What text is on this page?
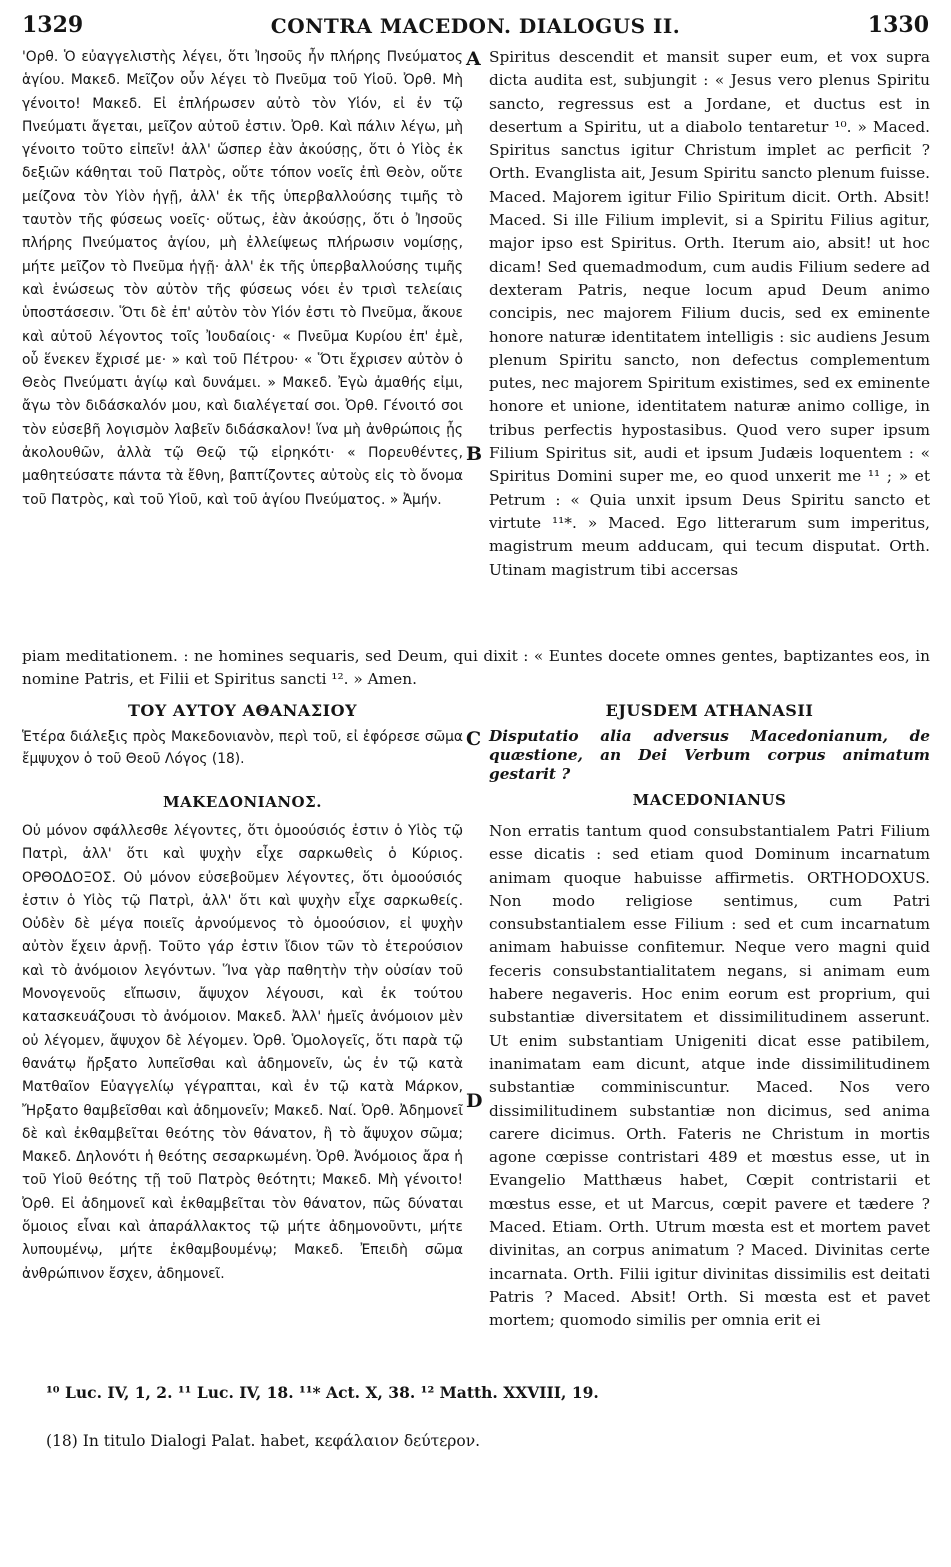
1329	CONTRA MACEDON. DIALOGUS II.	1330

'Ορθ. Ὁ εὐαγγελιστὴς λέγει, ὅτι Ἰησοῦς ἦν πλήρης Πνεύματος ἁγίου. Μακεδ. Μεῖζον οὖν λέγει τὸ Πνεῦμα τοῦ Υἱοῦ. Ὀρθ. Μὴ γένοιτο! Μακεδ. Εἰ ἐπλήρωσεν αὐτὸ τὸν Υἱόν, εἰ ἐν τῷ Πνεύματι ἄγεται, μεῖζον αὐτοῦ ἐστιν. Ὀρθ. Καὶ πάλιν λέγω, μὴ γένοιτο τοῦτο εἰπεῖν! ἀλλ' ὥσπερ ἐὰν ἀκούσῃς, ὅτι ὁ Υἱὸς ἐκ δεξιῶν κάθηται τοῦ Πατρὸς, οὔτε τόπον νοεῖς ἐπὶ Θεὸν, οὔτε μείζονα τὸν Υἱὸν ἡγῇ, ἀλλ' ἐκ τῆς ὑπερβαλλούσης τιμῆς τὸ ταυτὸν τῆς φύσεως νοεῖς· οὕτως, ἐὰν ἀκούσῃς, ὅτι ὁ Ἰησοῦς πλήρης Πνεύματος ἁγίου, μὴ ἐλλείψεως πλήρωσιν νομίσῃς, μήτε μεῖζον τὸ Πνεῦμα ἡγῇ· ἀλλ' ἐκ τῆς ὑπερβαλλούσης τιμῆς καὶ ἑνώσεως τὸν αὐτὸν τῆς φύσεως νόει ἐν τρισὶ τελείαις ὑποστάσεσιν. Ὅτι δὲ ἐπ' αὐτὸν τὸν Υἱόν ἐστι τὸ Πνεῦμα, ἄκουε καὶ αὐτοῦ λέγοντος τοῖς Ἰουδαίοις· « Πνεῦμα Κυρίου ἐπ' ἐμὲ, οὗ ἕνεκεν ἔχρισέ με· » καὶ τοῦ Πέτρου· « Ὅτι ἔχρισεν αὐτὸν ὁ Θεὸς Πνεύματι ἁγίῳ καὶ δυνάμει. » Μακεδ. Ἐγὼ ἀμαθής εἰμι, ἄγω τὸν διδάσκαλόν μου, καὶ διαλέγεταί σοι. Ὀρθ. Γένοιτό σοι τὸν εὐσεβῆ λογισμὸν λαβεῖν διδάσκαλον! ἵνα μὴ ἀνθρώποις ᾖς ἀκολουθῶν, ἀλλὰ τῷ Θεῷ τῷ εἰρηκότι· « Πορευθέντες, μαθητεύσατε πάντα τὰ ἔθνη, βαπτίζοντες αὐτοὺς εἰς τὸ ὄνομα τοῦ Πατρὸς, καὶ τοῦ Υἱοῦ, καὶ τοῦ ἁγίου Πνεύματος. » Ἀμήν.

Spiritus descendit et mansit super eum, et vox supra dicta audita est, subjungit : « Jesus vero plenus Spiritu sancto, regressus est a Jordane, et ductus est in desertum a Spiritu, ut a diabolo tentaretur ¹⁰. » Maced. Spiritus sanctus igitur Christum implet ac perficit ? Orth. Evanglista ait, Jesum Spiritu sancto plenum fuisse. Maced. Majorem igitur Filio Spiritum dicit. Orth. Absit! Maced. Si ille Filium implevit, si a Spiritu Filius agitur, major ipso est Spiritus. Orth. Iterum aio, absit! ut hoc dicam! Sed quemadmodum, cum audis Filium sedere ad dexteram Patris, neque locum apud Deum animo concipis, nec majorem Filium ducis, sed ex eminente honore naturæ identitatem intelligis : sic audiens Jesum plenum Spiritu sancto, non defectus complementum putes, nec majorem Spiritum existimes, sed ex eminente honore et unione, identitatem naturæ animo collige, in tribus perfectis hypostasibus. Quod vero super ipsum Filium Spiritus sit, audi et ipsum Judæis loquentem : « Spiritus Domini super me, eo quod unxerit me ¹¹ ; » et Petrum : « Quia unxit ipsum Deus Spiritu sancto et virtute ¹¹*. » Maced. Ego litterarum sum imperitus, magistrum meum adducam, qui tecum disputat. Orth. Utinam magistrum tibi accersas

A
B
C
D
piam meditationem. : ne homines sequaris, sed Deum, qui dixit : « Euntes docete omnes gentes, baptizantes eos, in nomine Patris, et Filii et Spiritus sancti ¹². » Amen.
ΤΟΥ ΑΥΤΟΥ ΑΘΑΝΑΣΙΟΥ	EJUSDEM ATHANASII
Ἑτέρα διάλεξις πρὸς Μακεδονιανὸν, περὶ τοῦ, εἰ ἐφόρεσε σῶμα ἔμψυχον ὁ τοῦ Θεοῦ Λόγος (18).
Disputatio alia adversus Macedonianum, de quæstione, an Dei Verbum corpus animatum gestarit ?
ΜΑΚΕΔΟΝΙΑΝΟΣ.	MACEDONIANUS

Οὐ μόνον σφάλλεσθε λέγοντες, ὅτι ὁμοούσιός ἐστιν ὁ Υἱὸς τῷ Πατρὶ, ἀλλ' ὅτι καὶ ψυχὴν εἶχε σαρκωθεὶς ὁ Κύριος. ΟΡΘΟΔΟΞΟΣ. Οὐ μόνον εὐσεβοῦμεν λέγοντες, ὅτι ὁμοούσιός ἐστιν ὁ Υἱὸς τῷ Πατρὶ, ἀλλ' ὅτι καὶ ψυχὴν εἶχε σαρκωθείς. Οὐδὲν δὲ μέγα ποιεῖς ἀρνούμενος τὸ ὁμοούσιον, εἰ ψυχὴν αὐτὸν ἔχειν ἀρνῇ. Τοῦτο γάρ ἐστιν ἴδιον τῶν τὸ ἑτερούσιον καὶ τὸ ἀνόμοιον λεγόντων. Ἵνα γὰρ παθητὴν τὴν οὐσίαν τοῦ Μονογενοῦς εἴπωσιν, ἄψυχον λέγουσι, καὶ ἐκ τούτου κατασκευάζουσι τὸ ἀνόμοιον. Μακεδ. Ἀλλ' ἡμεῖς ἀνόμοιον μὲν οὐ λέγομεν, ἄψυχον δὲ λέγομεν. Ὀρθ. Ὁμολογεῖς, ὅτι παρὰ τῷ θανάτῳ ἤρξατο λυπεῖσθαι καὶ ἀδημονεῖν, ὡς ἐν τῷ κατὰ Ματθαῖον Εὐαγγελίῳ γέγραπται, καὶ ἐν τῷ κατὰ Μάρκον, Ἤρξατο θαμβεῖσθαι καὶ ἀδημονεῖν; Μακεδ. Ναί. Ὀρθ. Ἀδημονεῖ δὲ καὶ ἐκθαμβεῖται θεότης τὸν θάνατον, ἢ τὸ ἄψυχον σῶμα; Μακεδ. Δηλονότι ἡ θεότης σεσαρκωμένη. Ὀρθ. Ἀνόμοιος ἄρα ἡ τοῦ Υἱοῦ θεότης τῇ τοῦ Πατρὸς θεότητι; Μακεδ. Μὴ γένοιτο! Ὀρθ. Εἰ ἀδημονεῖ καὶ ἐκθαμβεῖται τὸν θάνατον, πῶς δύναται ὅμοιος εἶναι καὶ ἀπαράλλακτος τῷ μήτε ἀδημονοῦντι, μήτε λυπουμένῳ, μήτε ἐκθαμβουμένῳ; Μακεδ. Ἐπειδὴ σῶμα ἀνθρώπινον ἔσχεν, ἀδημονεῖ.

Non erratis tantum quod consubstantialem Patri Filium esse dicatis : sed etiam quod Dominum incarnatum animam quoque habuisse affirmetis. ORTHODOXUS. Non modo religiose sentimus, cum Patri consubstantialem esse Filium : sed et cum incarnatum animam habuisse confitemur. Neque vero magni quid feceris consubstantialitatem negans, si animam eum habere negaveris. Hoc enim eorum est proprium, qui substantiæ diversitatem et dissimilitudinem asserunt. Ut enim substantiam Unigeniti dicat esse patibilem, inanimatam eam dicunt, atque inde dissimilitudinem substantiæ comminiscuntur. Maced. Nos vero dissimilitudinem substantiæ non dicimus, sed anima carere dicimus. Orth. Fateris ne Christum in mortis agone cœpisse contristari 489 et mœstus esse, ut in Evangelio Matthæus habet, Cœpit contristarii et mœstus esse, et ut Marcus, cœpit pavere et tædere ? Maced. Etiam. Orth. Utrum mœsta est et mortem pavet divinitas, an corpus animatum ? Maced. Divinitas certe incarnata. Orth. Filii igitur divinitas dissimilis est deitati Patris ? Maced. Absit! Orth. Si mœsta est et pavet mortem; quomodo similis per omnia erit ei

¹⁰ Luc. IV, 1, 2. ¹¹ Luc. IV, 18. ¹¹* Act. X, 38. ¹² Matth. XXVIII, 19.
(18) In titulo Dialogi Palat. habet, κεφάλαιον δεύτερον.
